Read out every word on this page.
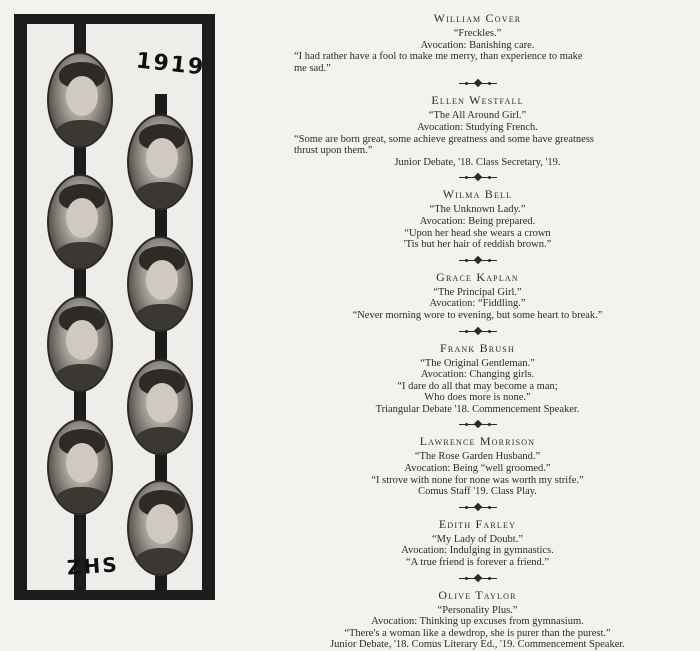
1919
ZHS
William Cover
“Freckles.”
Avocation: Banishing care.
“I had rather have a fool to make me merry, than experience to make
me sad.”
Ellen Westfall
“The All Around Girl.”
Avocation: Studying French.
“Some are born great, some achieve greatness and some have greatness
thrust upon them.”
Junior Debate, '18. Class Secretary, '19.
Wilma Bell
“The Unknown Lady.”
Avocation: Being prepared.
“Upon her head she wears a crown
'Tis but her hair of reddish brown.”
Grace Kaplan
“The Principal Girl.”
Avocation: “Fiddling.”
“Never morning wore to evening, but some heart to break.”
Frank Brush
“The Original Gentleman.”
Avocation: Changing girls.
“I dare do all that may become a man;
Who does more is none.”
Triangular Debate '18. Commencement Speaker.
Lawrence Morrison
“The Rose Garden Husband.”
Avocation: Being “well groomed.”
“I strove with none for none was worth my strife.”
Comus Staff '19. Class Play.
Edith Farley
“My Lady of Doubt.”
Avocation: Indulging in gymnastics.
“A true friend is forever a friend.”
Olive Taylor
“Personality Plus.”
Avocation: Thinking up excuses from gymnasium.
“There's a woman like a dewdrop, she is purer than the purest.”
Junior Debate, '18. Comus Literary Ed., '19. Commencement Speaker.
